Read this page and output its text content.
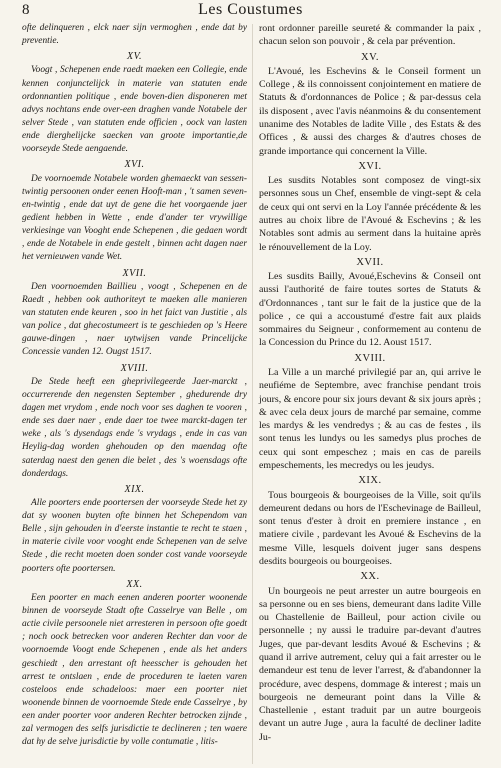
8	Les Coustumes

ofte delinqueren , elck naer sijn vermoghen , ende dat by preventie.

XV.

Voogt , Schepenen ende raedt maeken een Collegie, ende kennen conjunctelijck in materie van statuten ende ordonnantien politique , ende boven-dien disponeren met advys nochtans ende over-een draghen vande Notabele der selver Stede , van statuten ende officien , oock van lasten ende dierghelijcke saecken van groote importantie,de voorseyde Stede aengaende.

XVI.

De voornoemde Notabele worden ghemaeckt van sessen-twintig persoonen onder eenen Hooft-man , 't samen seven-en-twintig , ende dat uyt de gene die het voorgaende jaer gedient hebben in Wette , ende d'ander ter vrywillige verkiesinge van Vooght ende Schepenen , die gedaen wordt , ende de Notabele in ende gestelt , binnen acht dagen naer het vernieuwen vande Wet.

XVII.

Den voornoemden Baillieu , voogt , Schepenen en de Raedt , hebben ook authoriteyt te maeken alle manieren van statuten ende keuren , soo in het faict van Justitie , als van police , dat ghecostumeert is te geschieden op 's Heere gauwe-dingen , naer uytwijsen vande Princelijcke Concessie vanden 12. Ougst 1517.

XVIII.

De Stede heeft een gheprivilegeerde Jaer-marckt , occurrerende den negensten September , ghedurende dry dagen met vrydom , ende noch voor ses daghen te vooren , ende ses daer naer , ende daer toe twee marckt-dagen ter weke , als 's dysendags ende 's vrydags , ende in cas van Heylig-dag worden ghehouden op den maendag ofte saterdag naest den genen die belet , des 's woensdags ofte donderdags.

XIX.

Alle poorters ende poortersen der voorseyde Stede het zy dat sy woonen buyten ofte binnen het Schependom van Belle , sijn gehouden in d'eerste instantie te recht te staen , in materie civile voor vooght ende Schepenen van de selve Stede , die recht moeten doen sonder cost vande voorseyde poorters ofte poortersen.

XX.

Een poorter en mach eenen anderen poorter woonende binnen de voorseyde Stadt ofte Casselrye van Belle , om actie civile persoonele niet arresteren in persoon ofte goedt ; noch oock betrecken voor anderen Rechter dan voor de voornoemde Voogt ende Schepenen , ende als het anders geschiedt , den arrestant oft heesscher is gehouden het arrest te ontslaen , ende de proceduren te laeten varen costeloos ende schadeloos: maer een poorter niet woonende binnen de voornoemde Stede ende Casselrye , by een ander poorter voor anderen Rechter betrocken zijnde , zal vermogen des selfs jurisdictie te declineren ; ten waere dat hy de selve jurisdictie by volle contumatie , litis-

ront ordonner pareille seureté & commander la paix , chacun selon son pouvoir , & cela par prévention.

XV.

L'Avoué, les Eschevins & le Conseil forment un College , & ils connoissent conjointement en matiere de Statuts & d'ordonnances de Police ; & par-dessus cela ils disposent , avec l'avis néanmoins & du consentement unanime des Notables de ladite Ville , des Estats & des Offices , & aussi des charges & d'autres choses de grande importance qui concernent la Ville.

XVI.

Les susdits Notables sont composez de vingt-six personnes sous un Chef, ensemble de vingt-sept & cela de ceux qui ont servi en la Loy l'année précédente & les autres au choix libre de l'Avoué & Eschevins ; & les Notables sont admis au serment dans la huitaine après le rénouvellement de la Loy.

XVII.

Les susdits Bailly, Avoué,Eschevins & Conseil ont aussi l'authorité de faire toutes sortes de Statuts & d'Ordonnances , tant sur le fait de la justice que de la police , ce qui a accoustumé d'estre fait aux plaids sommaires du Seigneur , conformement au contenu de la Concession du Prince du 12. Aoust 1517.

XVIII.

La Ville a un marché privilegié par an, qui arrive le neufiéme de Septembre, avec franchise pendant trois jours, & encore pour six jours devant & six jours après ; & avec cela deux jours de marché par semaine, comme les mardys & les vendredys ; & au cas de festes , ils sont tenus les lundys ou les samedys plus proches de ceux qui sont empeschez ; mais en cas de pareils empeschements, les mecredys ou les jeudys.

XIX.

Tous bourgeois & bourgeoises de la Ville, soit qu'ils demeurent dedans ou hors de l'Eschevinage de Bailleul, sont tenus d'ester à droit en premiere instance , en matiere civile , pardevant les Avoué & Eschevins de la mesme Ville, lesquels doivent juger sans despens desdits bourgeois ou bourgeoises.

XX.

Un bourgeois ne peut arrester un autre bourgeois en sa personne ou en ses biens, demeurant dans ladite Ville ou Chastellenie de Bailleul, pour action civile ou personnelle ; ny aussi le traduire par-devant d'autres Juges, que par-devant lesdits Avoué & Eschevins ; & quand il arrive autrement, celuy qui a fait arrester ou le demandeur est tenu de lever l'arrest, & d'abandonner la procédure, avec despens, dommage & interest ; mais un bourgeois ne demeurant point dans la Ville & Chastellenie , estant traduit par un autre bourgeois devant un autre Juge , aura la faculté de decliner ladite Ju-
